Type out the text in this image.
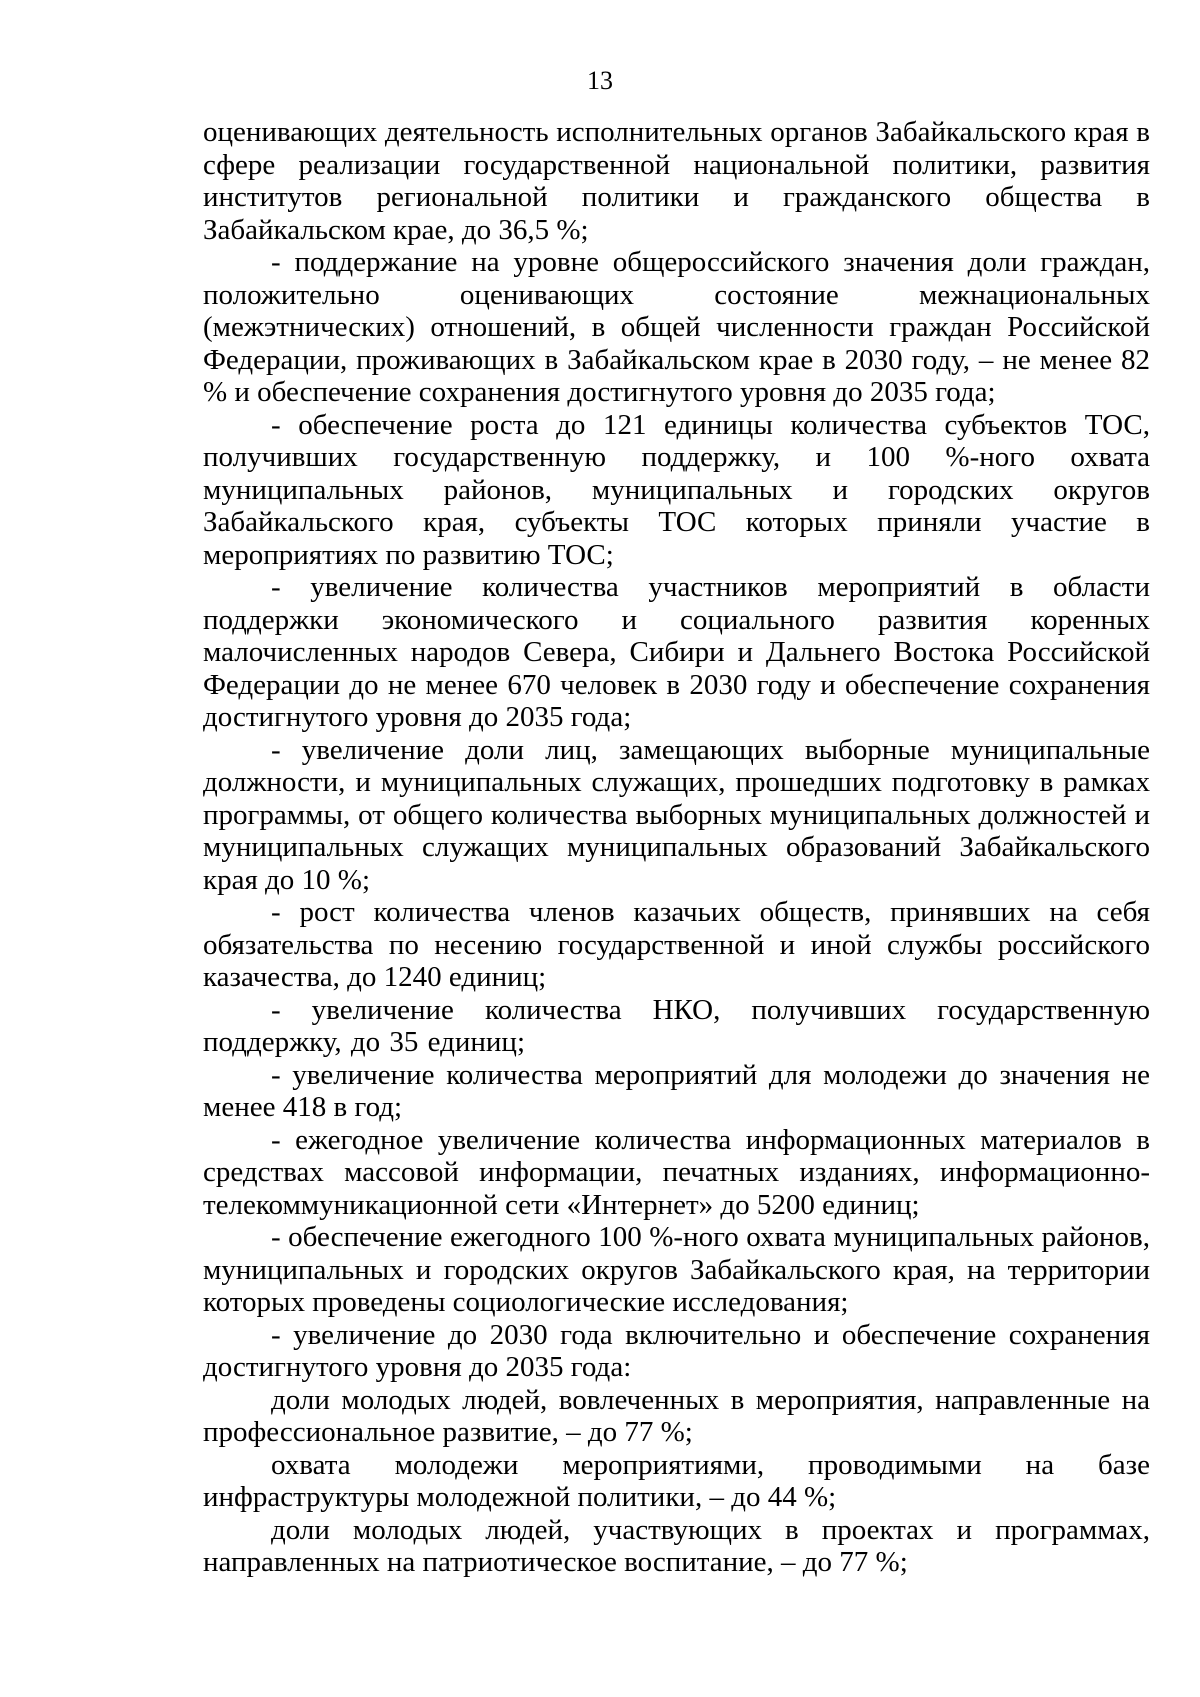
13

оценивающих деятельность исполнительных органов Забайкальского края в сфере реализации государственной национальной политики, развития институтов региональной политики и гражданского общества в Забайкальском крае, до 36,5 %;

- поддержание на уровне общероссийского значения доли граждан, положительно оценивающих состояние межнациональных (межэтнических) отношений, в общей численности граждан Российской Федерации, проживающих в Забайкальском крае в 2030 году, – не менее 82 % и обеспечение сохранения достигнутого уровня до 2035 года;

- обеспечение роста до 121 единицы количества субъектов ТОС, получивших государственную поддержку, и 100 %-ного охвата муниципальных районов, муниципальных и городских округов Забайкальского края, субъекты ТОС которых приняли участие в мероприятиях по развитию ТОС;

- увеличение количества участников мероприятий в области поддержки экономического и социального развития коренных малочисленных народов Севера, Сибири и Дальнего Востока Российской Федерации до не менее 670 человек в 2030 году и обеспечение сохранения достигнутого уровня до 2035 года;

- увеличение доли лиц, замещающих выборные муниципальные должности, и муниципальных служащих, прошедших подготовку в рамках программы, от общего количества выборных муниципальных должностей и муниципальных служащих муниципальных образований Забайкальского края до 10 %;

- рост количества членов казачьих обществ, принявших на себя обязательства по несению государственной и иной службы российского казачества, до 1240 единиц;

- увеличение количества НКО, получивших государственную поддержку, до 35 единиц;

- увеличение количества мероприятий для молодежи до значения не менее 418 в год;

- ежегодное увеличение количества информационных материалов в средствах массовой информации, печатных изданиях, информационно-телекоммуникационной сети «Интернет» до 5200 единиц;

- обеспечение ежегодного 100 %-ного охвата муниципальных районов, муниципальных и городских округов Забайкальского края, на территории которых проведены социологические исследования;

- увеличение до 2030 года включительно и обеспечение сохранения достигнутого уровня до 2035 года:

доли молодых людей, вовлеченных в мероприятия, направленные на профессиональное развитие, – до 77 %;

охвата молодежи мероприятиями, проводимыми на базе инфраструктуры молодежной политики, – до 44 %;

доли молодых людей, участвующих в проектах и программах, направленных на патриотическое воспитание, – до 77 %;
